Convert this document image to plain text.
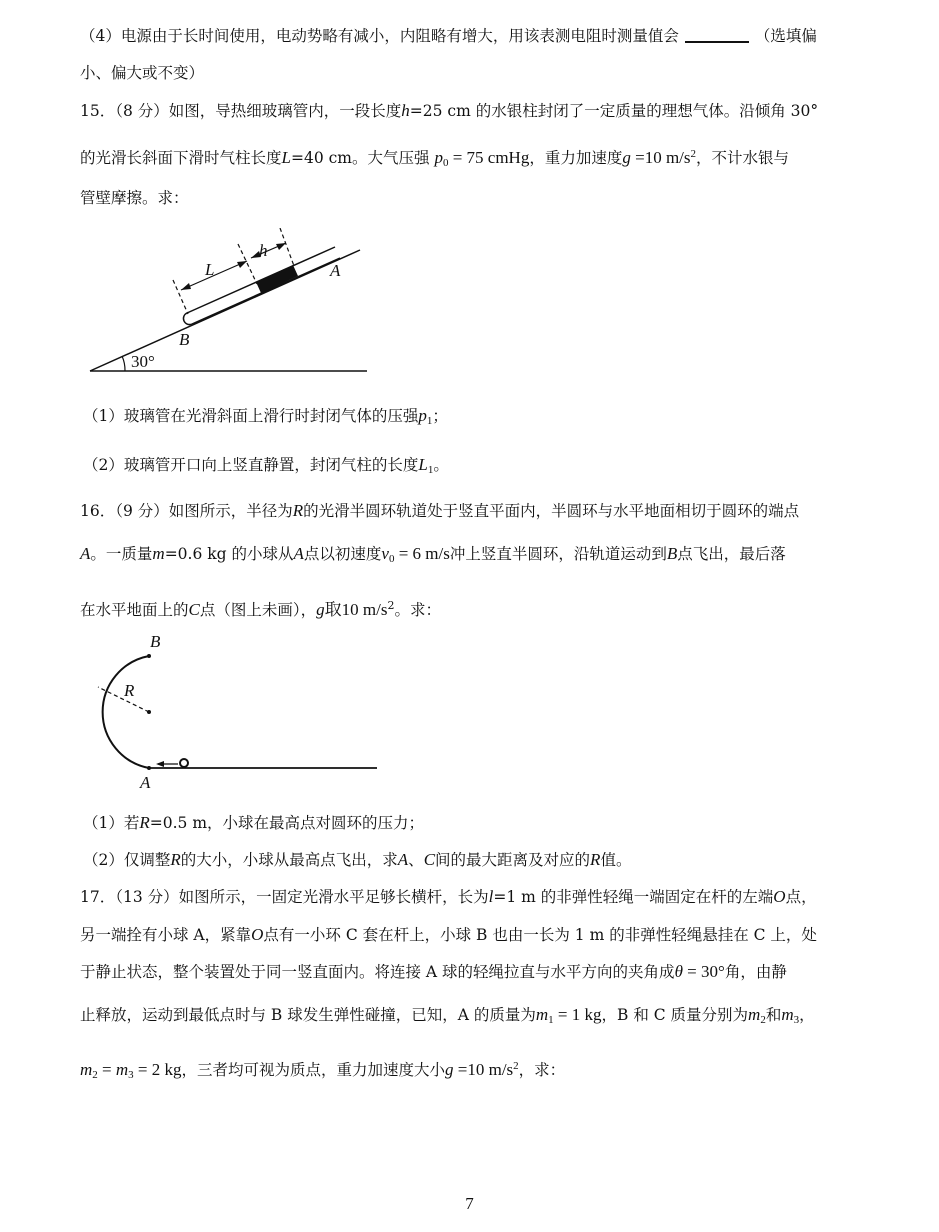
（4）电源由于长时间使用，电动势略有减小，内阻略有增大，用该表测电阻时测量值会	（选填偏
小、偏大或不变）
15．（8 分）如图，导热细玻璃管内，一段长度h=25 cm 的水银柱封闭了一定质量的理想气体。沿倾角 30°
的光滑长斜面下滑时气柱长度L=40 cm。大气压强 $p_0 = 75$ cmHg，重力加速度g =10 $m/s^2$，不计水银与
管壁摩擦。求：
30°
L
h
A
B
（1）玻璃管在光滑斜面上滑行时封闭气体的压强$p_1$；
（2）玻璃管开口向上竖直静置，封闭气柱的长度$L_1$。
16．（9 分）如图所示，半径为R的光滑半圆环轨道处于竖直平面内，半圆环与水平地面相切于圆环的端点
A。一质量m=0.6 kg 的小球从A点以初速度$v_0 = 6$ m/s冲上竖直半圆环，沿轨道运动到B点飞出，最后落
在水平地面上的C点（图上未画），g取10 $m/s^2$。求：
B
R
A
（1）若R=0.5 m，小球在最高点对圆环的压力；
（2）仅调整R的大小，小球从最高点飞出，求A、C间的最大距离及对应的R值。
17．（13 分）如图所示，一固定光滑水平足够长横杆，长为l=1 m 的非弹性轻绳一端固定在杆的左端O点，
另一端拴有小球 A，紧靠O点有一小环 C 套在杆上，小球 B 也由一长为 1 m 的非弹性轻绳悬挂在 C 上，处
于静止状态，整个装置处于同一竖直面内。将连接 A 球的轻绳拉直与水平方向的夹角成θ = 30°角，由静
止释放，运动到最低点时与 B 球发生弹性碰撞，已知，A 的质量为$m_1 = 1$ kg，B 和 C 质量分别为$m_2$和$m_3$，
$m_2 = m_3 = 2$ kg，三者均可视为质点，重力加速度大小g =10 $m/s^2$，求：
7
